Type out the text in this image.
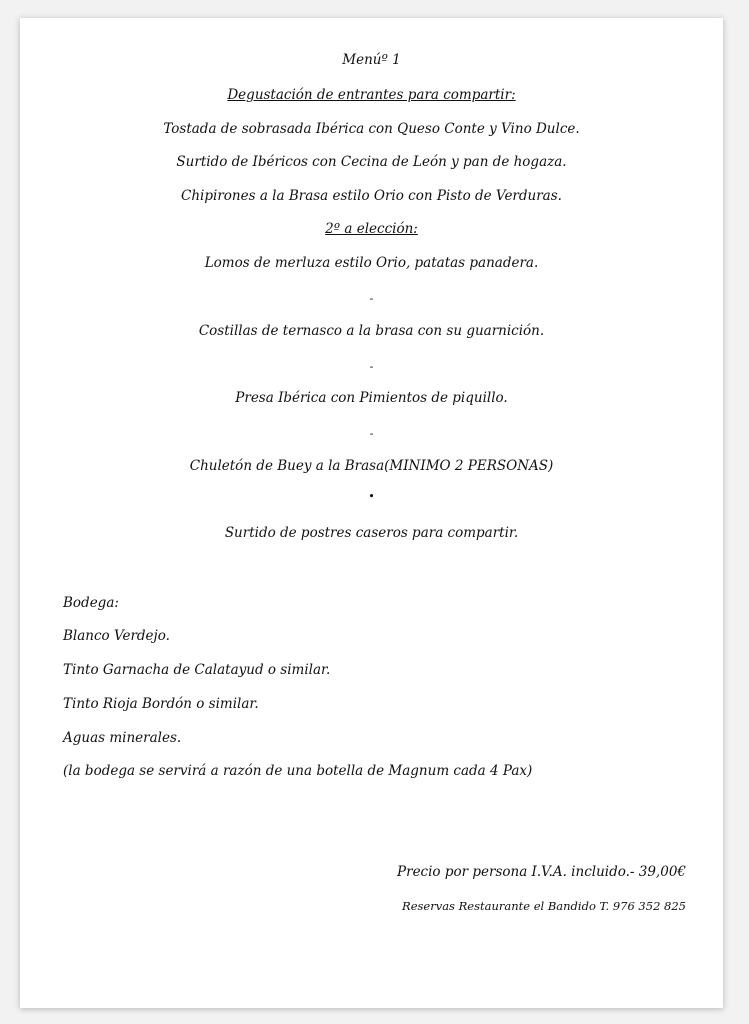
Menúº 1
Degustación de entrantes para compartir:
Tostada de sobrasada Ibérica con Queso Conte y Vino Dulce.
Surtido de Ibéricos con Cecina de León y pan de hogaza.
Chipirones a la Brasa estilo Orio con Pisto de Verduras.
2º a elección:
Lomos de merluza estilo Orio, patatas panadera.
-
Costillas de ternasco a la brasa con su guarnición.
-
Presa Ibérica con Pimientos de piquillo.
-
Chuletón de Buey a la Brasa(MINIMO 2 PERSONAS)
•
Surtido de postres caseros para compartir.
Bodega:
Blanco Verdejo.
Tinto Garnacha de Calatayud o similar.
Tinto Rioja Bordón o similar.
Aguas minerales.
(la bodega se servirá a razón de una botella de Magnum cada 4 Pax)
Precio por persona I.V.A. incluido.- 39,00€
Reservas Restaurante el Bandido T. 976 352 825
